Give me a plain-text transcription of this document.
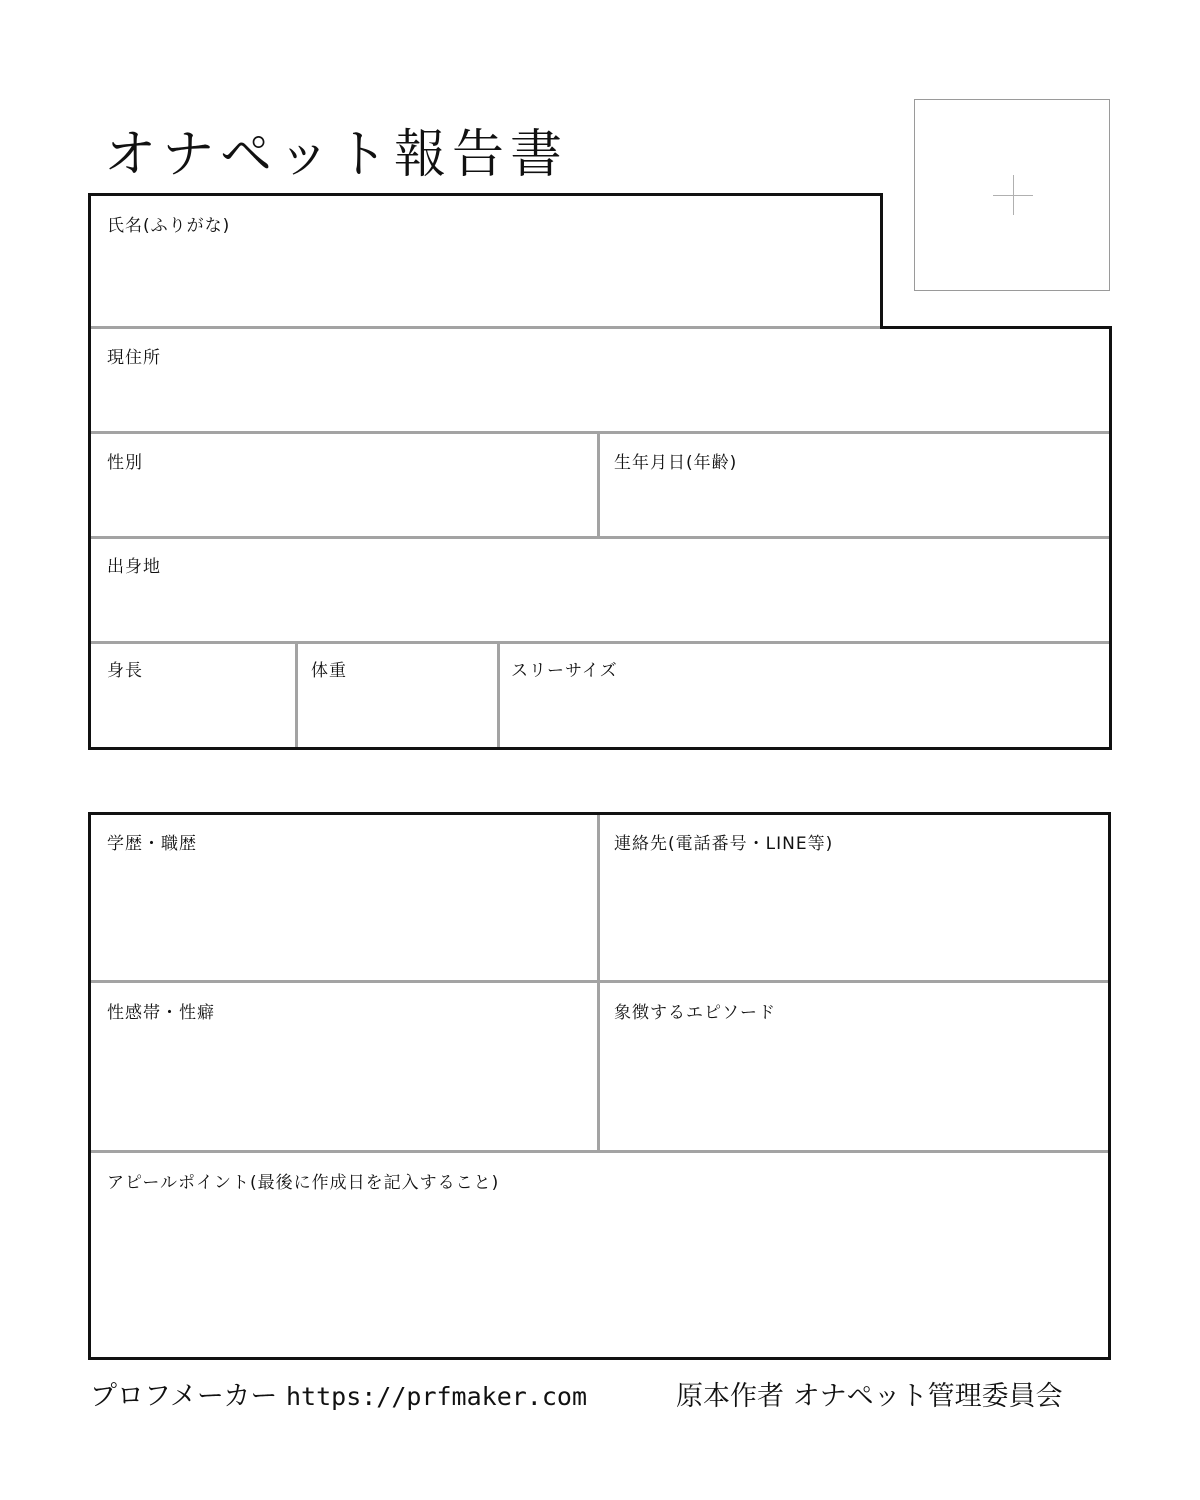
オナペット報告書
氏名(ふりがな)
現住所
性別	生年月日(年齢)
出身地
身長	体重	スリーサイズ
学歴・職歴	連絡先(電話番号・LINE等)
性感帯・性癖	象徴するエピソード
アピールポイント(最後に作成日を記入すること)
プロフメーカー https://prfmaker.com	原本作者 オナペット管理委員会
